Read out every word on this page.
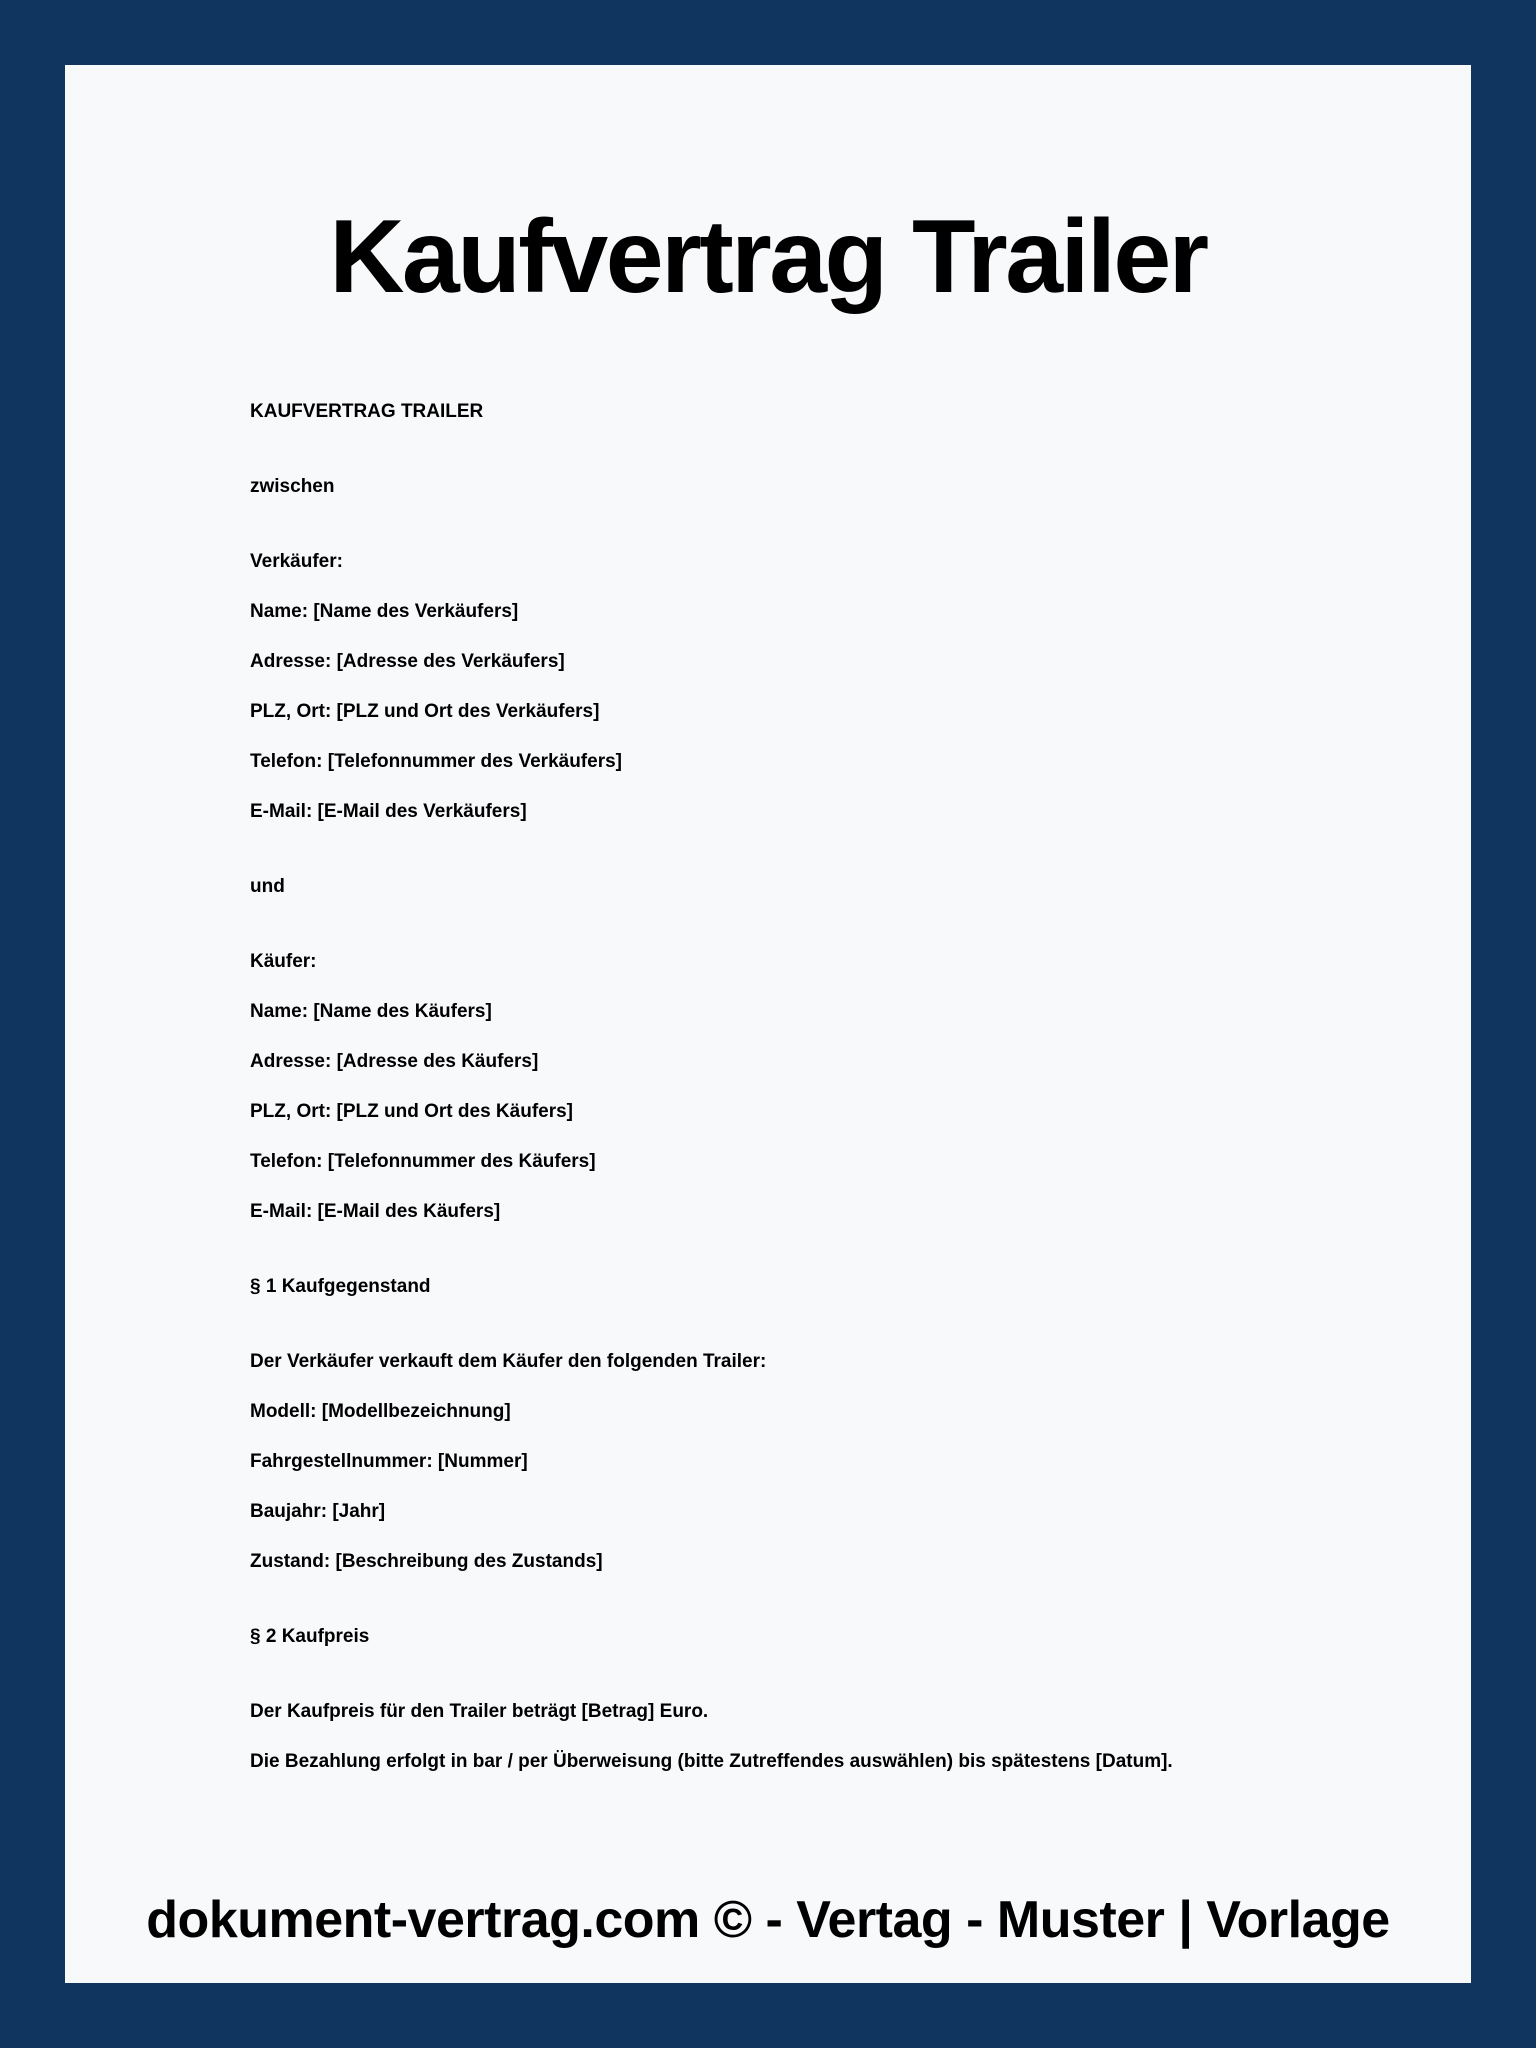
Kaufvertrag Trailer
KAUFVERTRAG TRAILER
zwischen
Verkäufer:
Name: [Name des Verkäufers]
Adresse: [Adresse des Verkäufers]
PLZ, Ort: [PLZ und Ort des Verkäufers]
Telefon: [Telefonnummer des Verkäufers]
E-Mail: [E-Mail des Verkäufers]
und
Käufer:
Name: [Name des Käufers]
Adresse: [Adresse des Käufers]
PLZ, Ort: [PLZ und Ort des Käufers]
Telefon: [Telefonnummer des Käufers]
E-Mail: [E-Mail des Käufers]
§ 1 Kaufgegenstand
Der Verkäufer verkauft dem Käufer den folgenden Trailer:
Modell: [Modellbezeichnung]
Fahrgestellnummer: [Nummer]
Baujahr: [Jahr]
Zustand: [Beschreibung des Zustands]
§ 2 Kaufpreis
Der Kaufpreis für den Trailer beträgt [Betrag] Euro.
Die Bezahlung erfolgt in bar / per Überweisung (bitte Zutreffendes auswählen) bis spätestens [Datum].
dokument-vertrag.com © - Vertag - Muster | Vorlage
